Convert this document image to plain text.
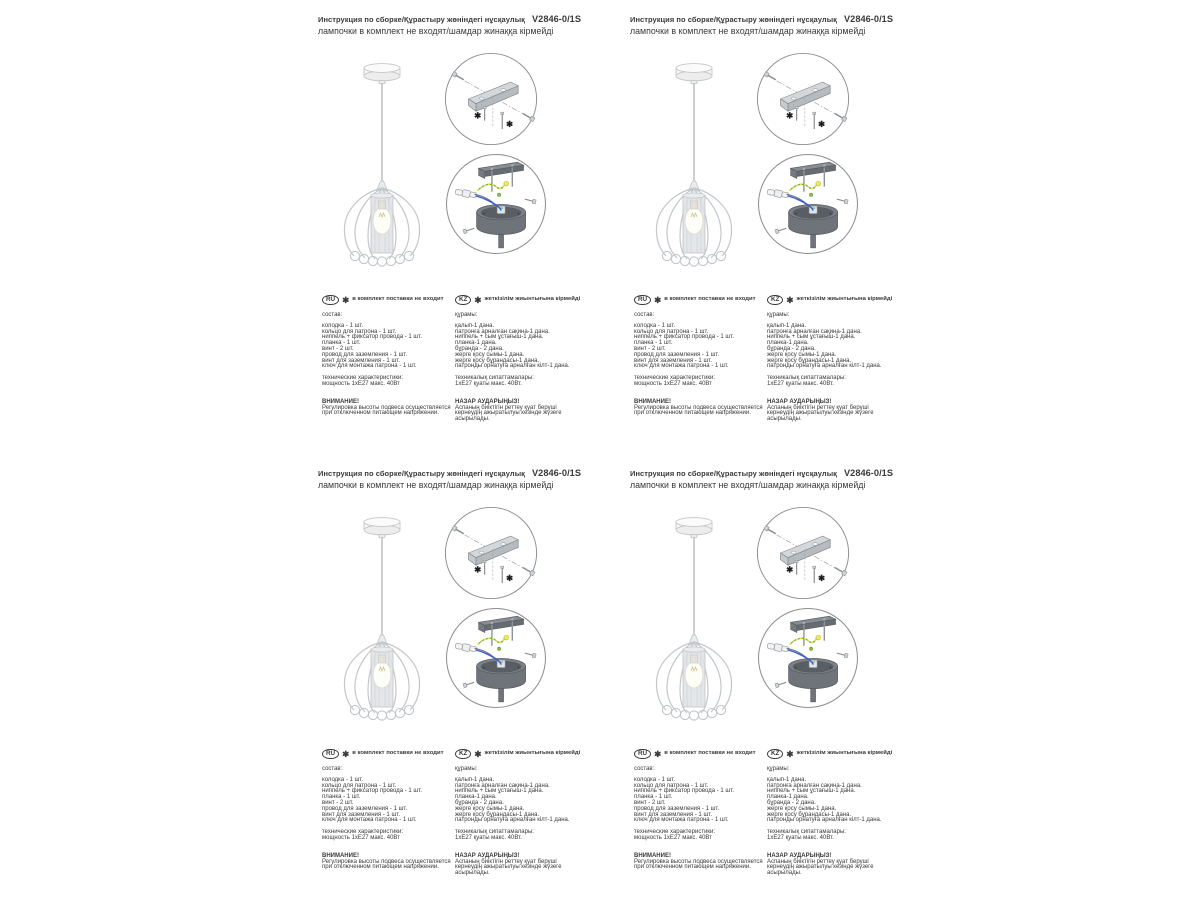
Инструкция по сборке/Құрастыру жөніндегі нұсқаулық V2846-0/1S
лампочки в комплект не входят/шамдар жинаққа кірмейді
✱
✱
RU ✱ в комплект поставки не входит
состав:
колодка - 1 шт.
кольцо для патрона - 1 шт.
ниппель + фиксатор провода - 1 шт.
планка - 1 шт.
винт - 2 шт.
провод для заземления - 1 шт.
винт для заземления - 1 шт.
ключ для монтажа патрона - 1 шт.
технические характеристики:
мощность 1хЕ27 макс. 40Вт
ВНИМАНИЕ!
Регулировка высоты подвеса осуществляется при отключенном питающем напряжении.
KZ ✱ жеткізілім жиынтығына кірмейді
құрамы:
қалып-1 дана.
патронға арналған сақина-1 дана.
ниппель + сым ұстағыш-1 дана.
планка-1 дана.
бұранда - 2 дана.
жерге қосу сымы-1 дана.
жерге қосу бұрандасы-1 дана.
патронды орнатуға арналған кілт-1 дана.
техникалық сипаттамалары:
1хЕ27 қуаты макс. 40Вт.
НАЗАР АУДАРЫҢЫЗ!
Аспаның биіктігін реттеу қуат беруші кернеудің ажыратылуы кезінде жүзеге асырылады.
Инструкция по сборке/Құрастыру жөніндегі нұсқаулық V2846-0/1S
лампочки в комплект не входят/шамдар жинаққа кірмейді
✱
✱
RU ✱ в комплект поставки не входит
состав:
колодка - 1 шт.
кольцо для патрона - 1 шт.
ниппель + фиксатор провода - 1 шт.
планка - 1 шт.
винт - 2 шт.
провод для заземления - 1 шт.
винт для заземления - 1 шт.
ключ для монтажа патрона - 1 шт.
технические характеристики:
мощность 1хЕ27 макс. 40Вт
ВНИМАНИЕ!
Регулировка высоты подвеса осуществляется при отключенном питающем напряжении.
KZ ✱ жеткізілім жиынтығына кірмейді
құрамы:
қалып-1 дана.
патронға арналған сақина-1 дана.
ниппель + сым ұстағыш-1 дана.
планка-1 дана.
бұранда - 2 дана.
жерге қосу сымы-1 дана.
жерге қосу бұрандасы-1 дана.
патронды орнатуға арналған кілт-1 дана.
техникалық сипаттамалары:
1хЕ27 қуаты макс. 40Вт.
НАЗАР АУДАРЫҢЫЗ!
Аспаның биіктігін реттеу қуат беруші кернеудің ажыратылуы кезінде жүзеге асырылады.
Инструкция по сборке/Құрастыру жөніндегі нұсқаулық V2846-0/1S
лампочки в комплект не входят/шамдар жинаққа кірмейді
✱
✱
RU ✱ в комплект поставки не входит
состав:
колодка - 1 шт.
кольцо для патрона - 1 шт.
ниппель + фиксатор провода - 1 шт.
планка - 1 шт.
винт - 2 шт.
провод для заземления - 1 шт.
винт для заземления - 1 шт.
ключ для монтажа патрона - 1 шт.
технические характеристики:
мощность 1хЕ27 макс. 40Вт
ВНИМАНИЕ!
Регулировка высоты подвеса осуществляется при отключенном питающем напряжении.
KZ ✱ жеткізілім жиынтығына кірмейді
құрамы:
қалып-1 дана.
патронға арналған сақина-1 дана.
ниппель + сым ұстағыш-1 дана.
планка-1 дана.
бұранда - 2 дана.
жерге қосу сымы-1 дана.
жерге қосу бұрандасы-1 дана.
патронды орнатуға арналған кілт-1 дана.
техникалық сипаттамалары:
1хЕ27 қуаты макс. 40Вт.
НАЗАР АУДАРЫҢЫЗ!
Аспаның биіктігін реттеу қуат беруші кернеудің ажыратылуы кезінде жүзеге асырылады.
Инструкция по сборке/Құрастыру жөніндегі нұсқаулық V2846-0/1S
лампочки в комплект не входят/шамдар жинаққа кірмейді
✱
✱
RU ✱ в комплект поставки не входит
состав:
колодка - 1 шт.
кольцо для патрона - 1 шт.
ниппель + фиксатор провода - 1 шт.
планка - 1 шт.
винт - 2 шт.
провод для заземления - 1 шт.
винт для заземления - 1 шт.
ключ для монтажа патрона - 1 шт.
технические характеристики:
мощность 1хЕ27 макс. 40Вт
ВНИМАНИЕ!
Регулировка высоты подвеса осуществляется при отключенном питающем напряжении.
KZ ✱ жеткізілім жиынтығына кірмейді
құрамы:
қалып-1 дана.
патронға арналған сақина-1 дана.
ниппель + сым ұстағыш-1 дана.
планка-1 дана.
бұранда - 2 дана.
жерге қосу сымы-1 дана.
жерге қосу бұрандасы-1 дана.
патронды орнатуға арналған кілт-1 дана.
техникалық сипаттамалары:
1хЕ27 қуаты макс. 40Вт.
НАЗАР АУДАРЫҢЫЗ!
Аспаның биіктігін реттеу қуат беруші кернеудің ажыратылуы кезінде жүзеге асырылады.
